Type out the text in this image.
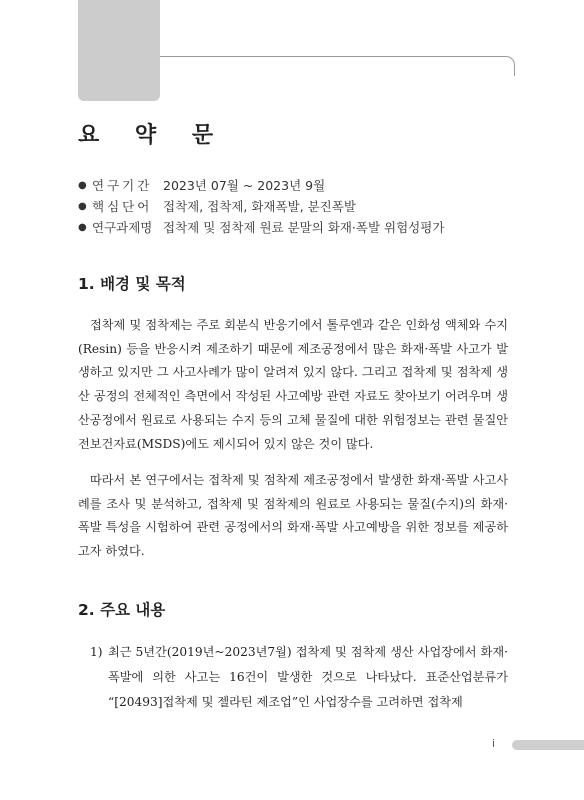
요 약 문
● 연구기간 2023년 07월 ~ 2023년 9월
● 핵심단어 접착제, 접착제, 화재폭발, 분진폭발
● 연구과제명 접착제 및 점착제 원료 분말의 화재·폭발 위험성평가
1. 배경 및 목적

접착제 및 점착제는 주로 회분식 반응기에서 톨루엔과 같은 인화성 액체와 수지(Resin) 등을 반응시켜 제조하기 때문에 제조공정에서 많은 화재·폭발 사고가 발생하고 있지만 그 사고사례가 많이 알려져 있지 않다. 그리고 접착제 및 점착제 생산 공정의 전체적인 측면에서 작성된 사고예방 관련 자료도 찾아보기 어려우며 생산공정에서 원료로 사용되는 수지 등의 고체 물질에 대한 위험정보는 관련 물질안전보건자료(MSDS)에도 제시되어 있지 않은 것이 많다.

따라서 본 연구에서는 접착제 및 점착제 제조공정에서 발생한 화재·폭발 사고사례를 조사 및 분석하고, 접착제 및 점착제의 원료로 사용되는 물질(수지)의 화재·폭발 특성을 시험하여 관련 공정에서의 화재·폭발 사고예방을 위한 정보를 제공하고자 하였다.

2. 주요 내용
1) 최근 5년간(2019년~2023년7월) 접착제 및 점착제 생산 사업장에서 화재·폭발에 의한 사고는 16건이 발생한 것으로 나타났다. 표준산업분류가 “[20493]접착제 및 젤라틴 제조업”인 사업장수를 고려하면 접착제
i
